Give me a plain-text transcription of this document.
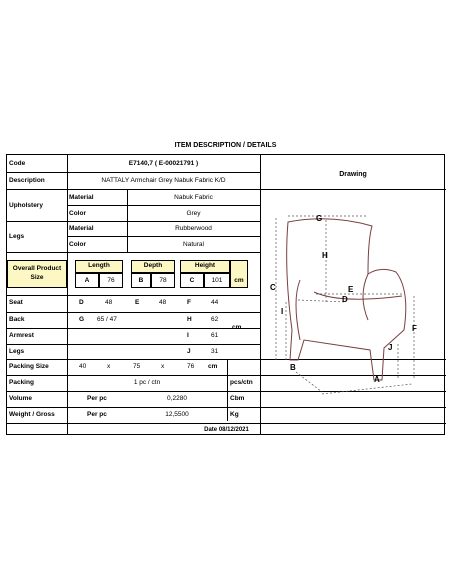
ITEM DESCRIPTION / DETAILS
Code	E7140,7 ( E-00021791 )
Description	NATTALY Armchair Grey Nabuk Fabric K/D
Drawing
Upholstery
Material	Nabuk Fabric
Color	Grey
Legs
Material	Rubberwood
Color	Natural
Overall Product
Size
Length	Depth	Height
A	76	B	78	C	101	cm
Seat	D	48	E	48	F	44
Back	G 65 / 47	H	62
cm
Armrest	I	61
Legs	J	31
Packing Size	40	x	75	x	76 cm
Packing	1 pc / ctn	pcs/ctn
Volume	Per pc	0,2280	Cbm
Weight / Gross	Per pc	12,5500	Kg
Date 08/12/2021
G
H
C	E
D
I
F
J
B
A
